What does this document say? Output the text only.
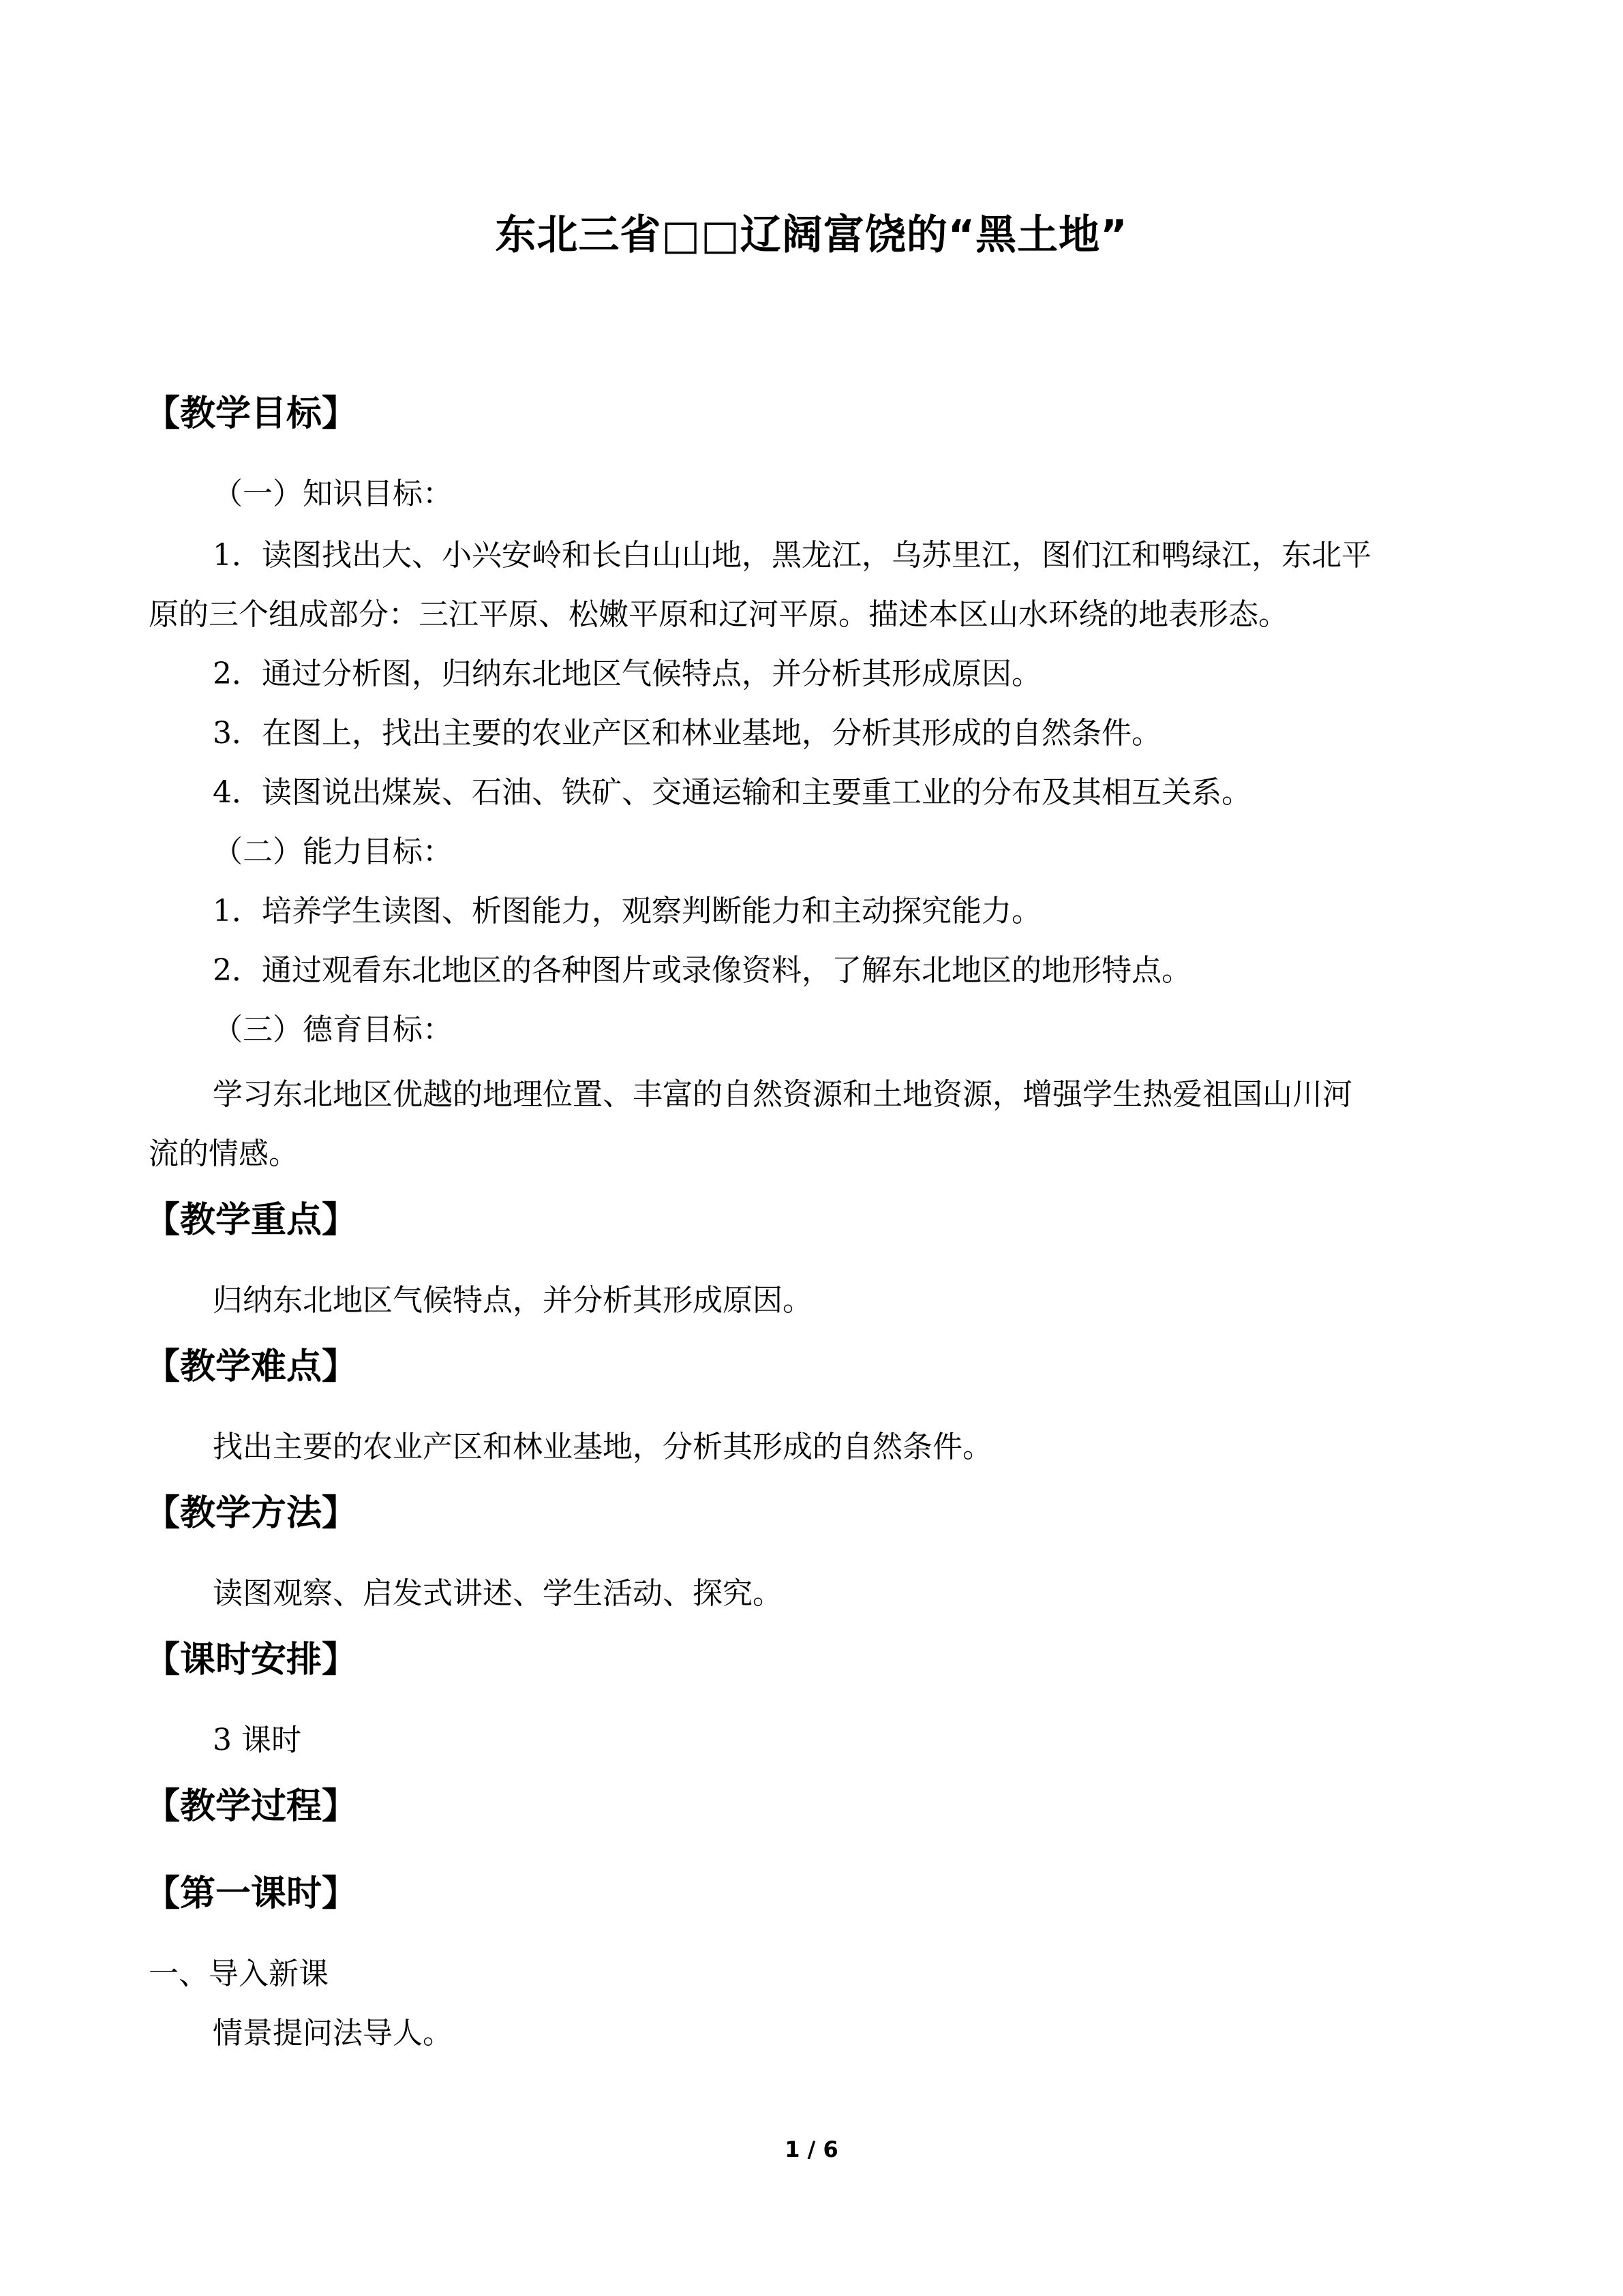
东北三省□□辽阔富饶的“黑土地”
【教学目标】
（一）知识目标：
1．读图找出大、小兴安岭和长白山山地，黑龙江，乌苏里江，图们江和鸭绿江，东北平
原的三个组成部分：三江平原、松嫩平原和辽河平原。描述本区山水环绕的地表形态。
2．通过分析图，归纳东北地区气候特点，并分析其形成原因。
3．在图上，找出主要的农业产区和林业基地，分析其形成的自然条件。
4．读图说出煤炭、石油、铁矿、交通运输和主要重工业的分布及其相互关系。
（二）能力目标：
1．培养学生读图、析图能力，观察判断能力和主动探究能力。
2．通过观看东北地区的各种图片或录像资料，了解东北地区的地形特点。
（三）德育目标：
学习东北地区优越的地理位置、丰富的自然资源和土地资源，增强学生热爱祖国山川河
流的情感。
【教学重点】
归纳东北地区气候特点，并分析其形成原因。
【教学难点】
找出主要的农业产区和林业基地，分析其形成的自然条件。
【教学方法】
读图观察、启发式讲述、学生活动、探究。
【课时安排】
3 课时
【教学过程】
【第一课时】
一、导入新课
情景提问法导人。
1 / 6
